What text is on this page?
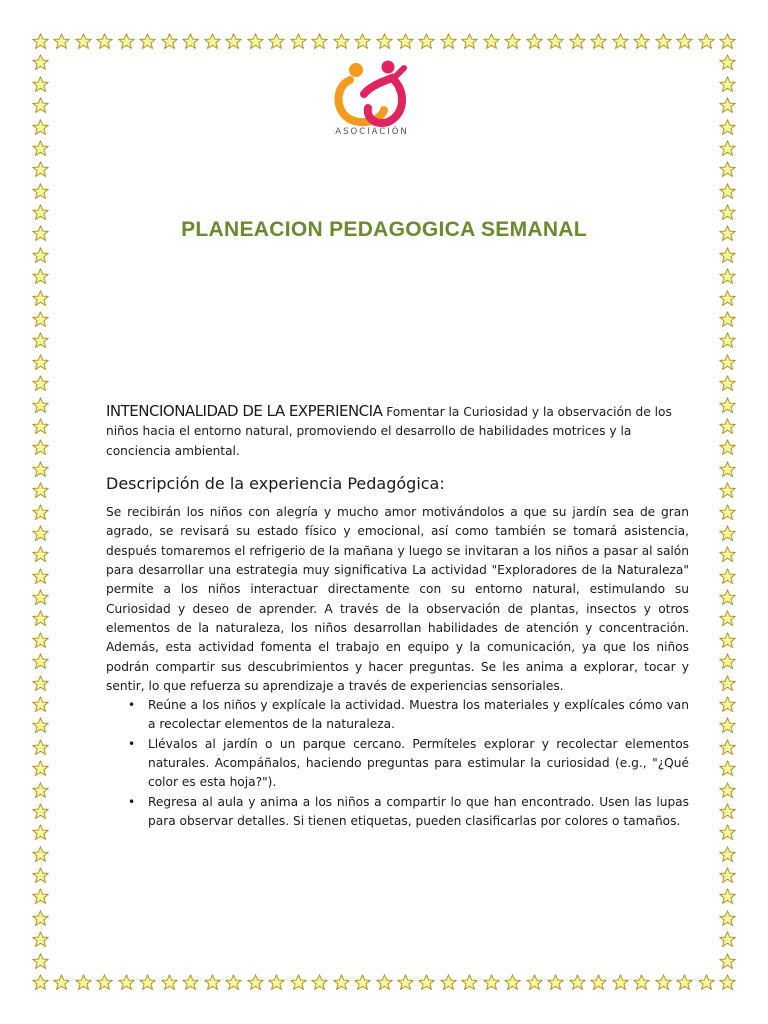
ASOCIACIÓN
PLANEACION PEDAGOGICA SEMANAL

INTENCIONALIDAD DE LA EXPERIENCIA Fomentar la Curiosidad y la observación de los niños hacia el entorno natural, promoviendo el desarrollo de habilidades motrices y la conciencia ambiental.

Descripción de la experiencia Pedagógica:

Se recibirán los niños con alegría y mucho amor motivándolos a que su jardín sea de gran agrado, se revisará su estado físico y emocional, así como también se tomará asistencia, después tomaremos el refrigerio de la mañana y luego se invitaran a los niños a pasar al salón para desarrollar una estrategia muy significativa La actividad "Exploradores de la Naturaleza" permite a los niños interactuar directamente con su entorno natural, estimulando su Curiosidad y deseo de aprender. A través de la observación de plantas, insectos y otros elementos de la naturaleza, los niños desarrollan habilidades de atención y concentración. Además, esta actividad fomenta el trabajo en equipo y la comunicación, ya que los niños podrán compartir sus descubrimientos y hacer preguntas. Se les anima a explorar, tocar y sentir, lo que refuerza su aprendizaje a través de experiencias sensoriales.

• Reúne a los niños y explícale la actividad. Muestra los materiales y explícales cómo van a recolectar elementos de la naturaleza.
• Llévalos al jardín o un parque cercano. Permíteles explorar y recolectar elementos naturales. Acompáñalos, haciendo preguntas para estimular la curiosidad (e.g., "¿Qué color es esta hoja?").
• Regresa al aula y anima a los niños a compartir lo que han encontrado. Usen las lupas para observar detalles. Si tienen etiquetas, pueden clasificarlas por colores o tamaños.
